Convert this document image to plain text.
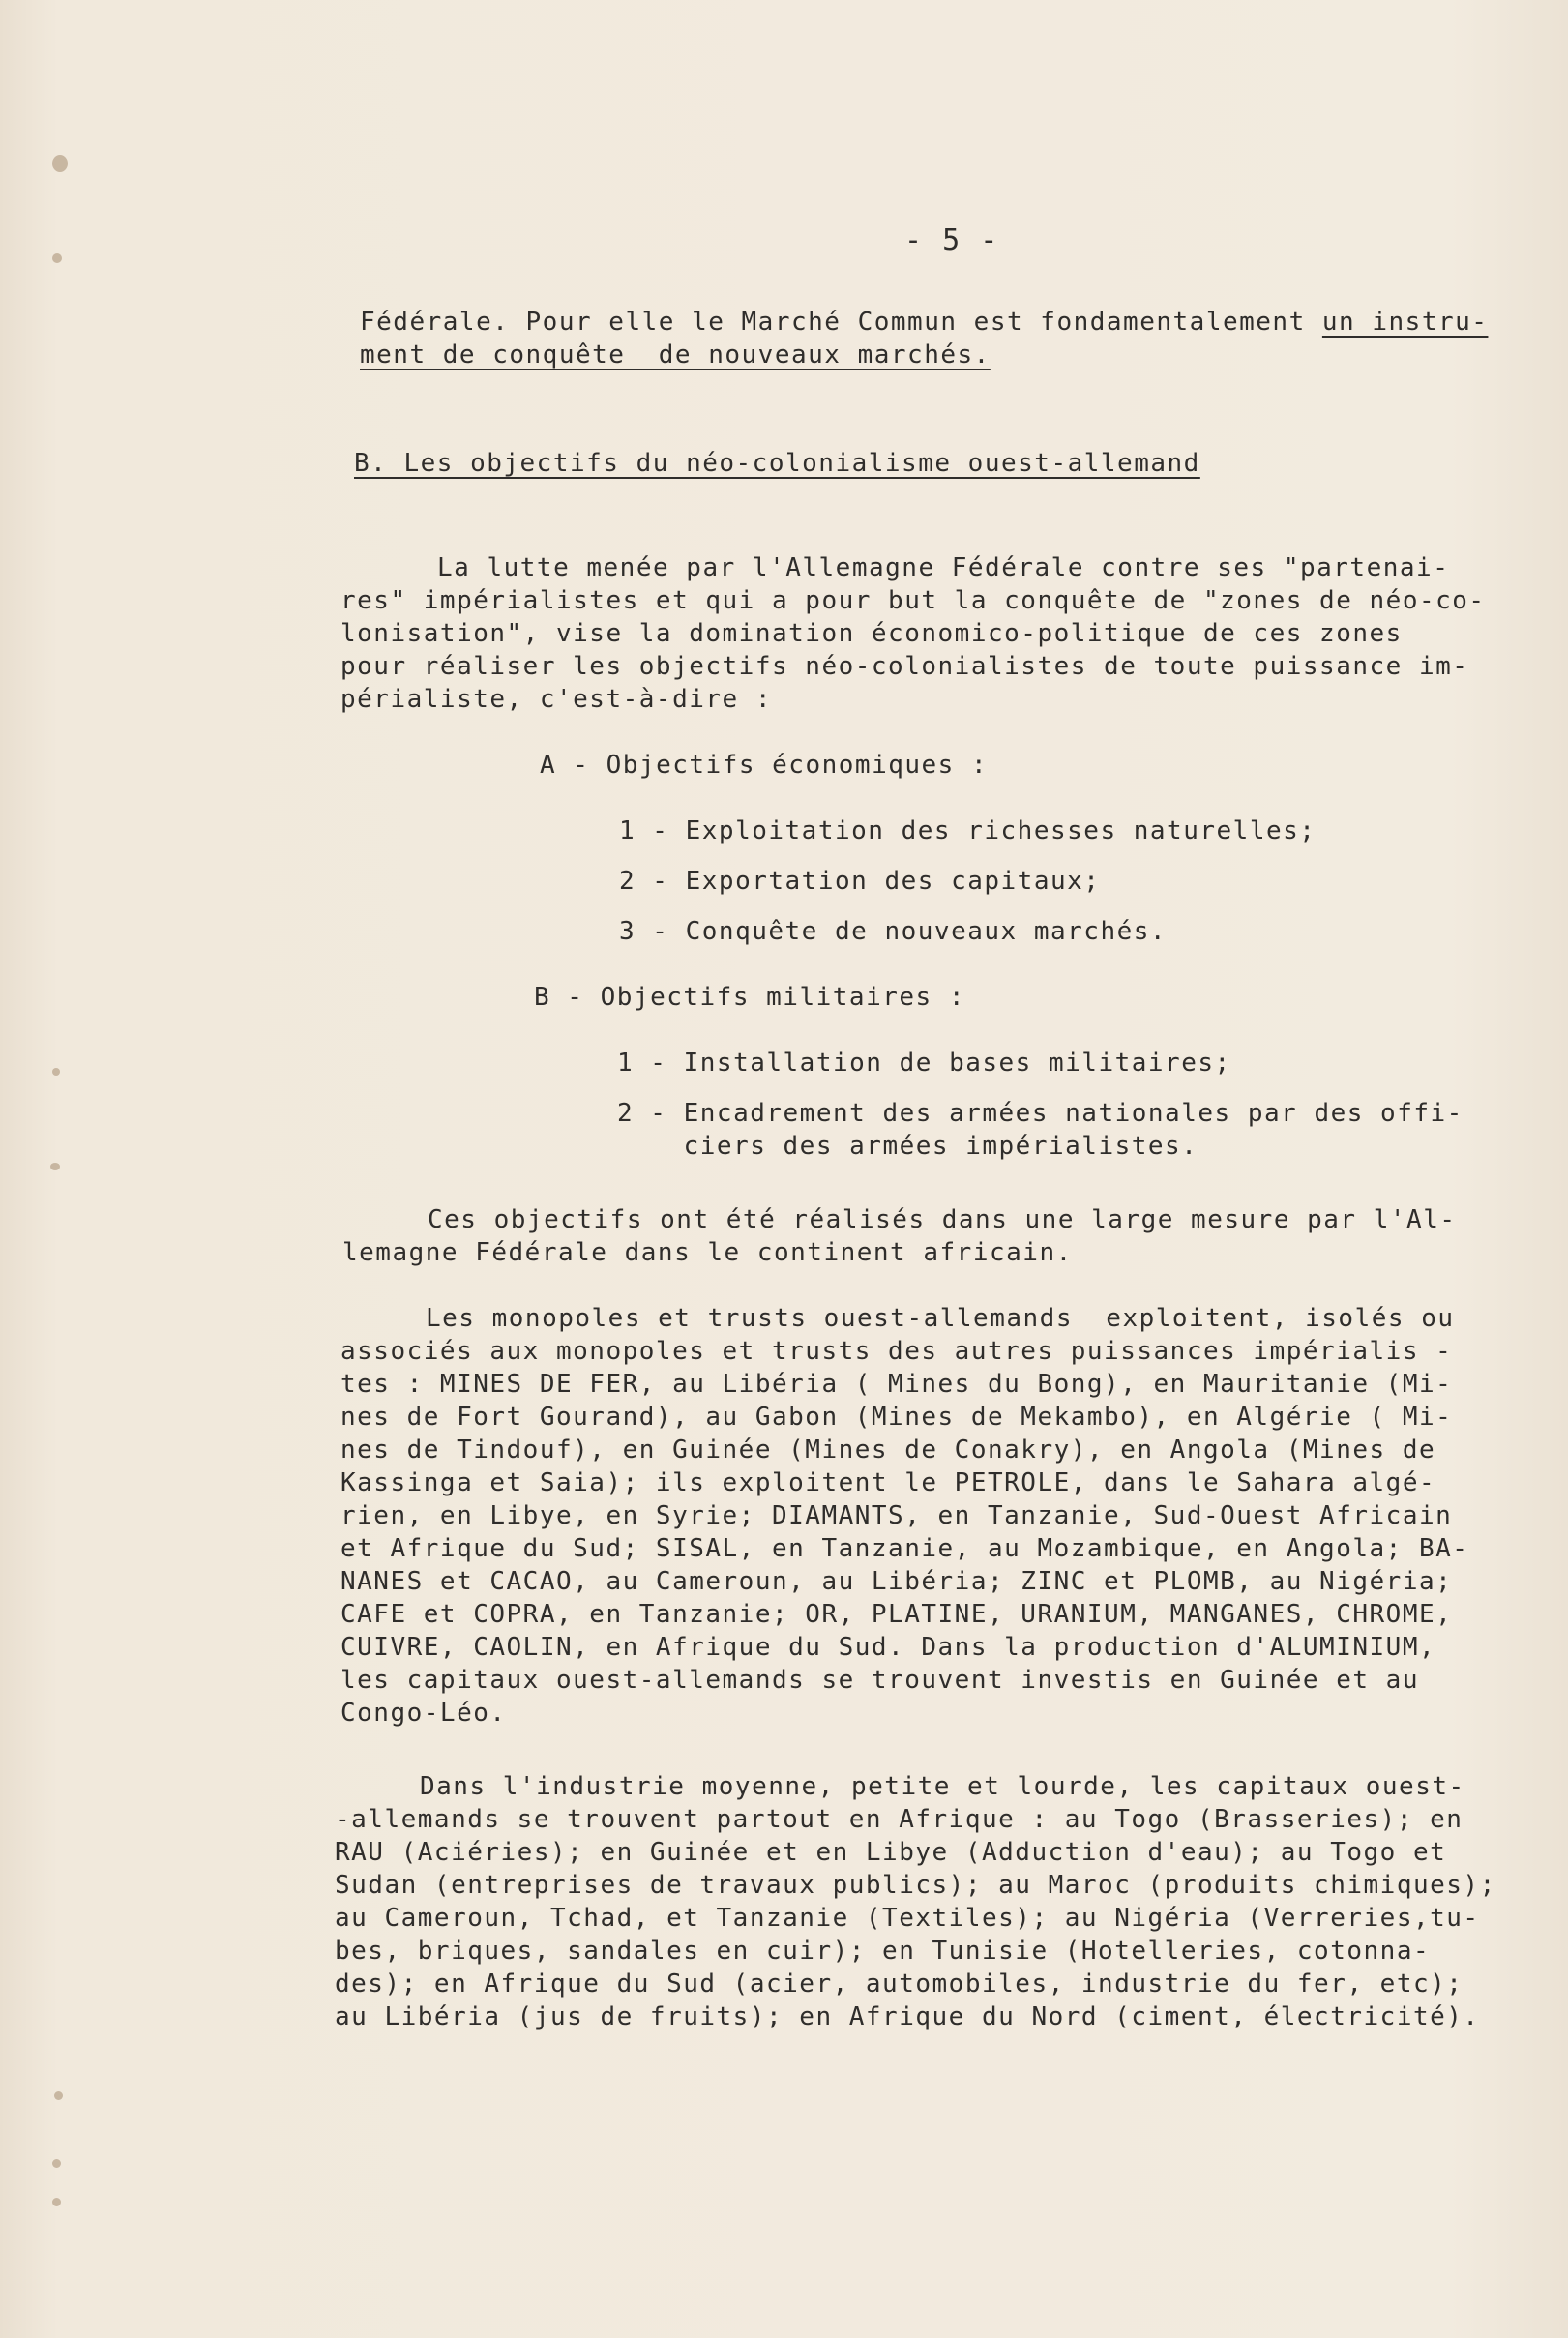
- 5 -
Fédérale. Pour elle le Marché Commun est fondamentalement un instru-
ment de conquête  de nouveaux marchés.
B. Les objectifs du néo-colonialisme ouest-allemand
La lutte menée par l'Allemagne Fédérale contre ses "partenai-
res" impérialistes et qui a pour but la conquête de "zones de néo-co-
lonisation", vise la domination économico-politique de ces zones
pour réaliser les objectifs néo-colonialistes de toute puissance im-
périaliste, c'est-à-dire :
A - Objectifs économiques :
1 - Exploitation des richesses naturelles;
2 - Exportation des capitaux;
3 - Conquête de nouveaux marchés.
B - Objectifs militaires :
1 - Installation de bases militaires;
2 - Encadrement des armées nationales par des offi-
ciers des armées impérialistes.
Ces objectifs ont été réalisés dans une large mesure par l'Al-
lemagne Fédérale dans le continent africain.
Les monopoles et trusts ouest-allemands  exploitent, isolés ou
associés aux monopoles et trusts des autres puissances impérialis -
tes : MINES DE FER, au Libéria ( Mines du Bong), en Mauritanie (Mi-
nes de Fort Gourand), au Gabon (Mines de Mekambo), en Algérie ( Mi-
nes de Tindouf), en Guinée (Mines de Conakry), en Angola (Mines de
Kassinga et Saia); ils exploitent le PETROLE, dans le Sahara algé-
rien, en Libye, en Syrie; DIAMANTS, en Tanzanie, Sud-Ouest Africain
et Afrique du Sud; SISAL, en Tanzanie, au Mozambique, en Angola; BA-
NANES et CACAO, au Cameroun, au Libéria; ZINC et PLOMB, au Nigéria;
CAFE et COPRA, en Tanzanie; OR, PLATINE, URANIUM, MANGANES, CHROME,
CUIVRE, CAOLIN, en Afrique du Sud. Dans la production d'ALUMINIUM,
les capitaux ouest-allemands se trouvent investis en Guinée et au
Congo-Léo.
Dans l'industrie moyenne, petite et lourde, les capitaux ouest-
-allemands se trouvent partout en Afrique : au Togo (Brasseries); en
RAU (Aciéries); en Guinée et en Libye (Adduction d'eau); au Togo et
Sudan (entreprises de travaux publics); au Maroc (produits chimiques);
au Cameroun, Tchad, et Tanzanie (Textiles); au Nigéria (Verreries,tu-
bes, briques, sandales en cuir); en Tunisie (Hotelleries, cotonna-
des); en Afrique du Sud (acier, automobiles, industrie du fer, etc);
au Libéria (jus de fruits); en Afrique du Nord (ciment, électricité).
